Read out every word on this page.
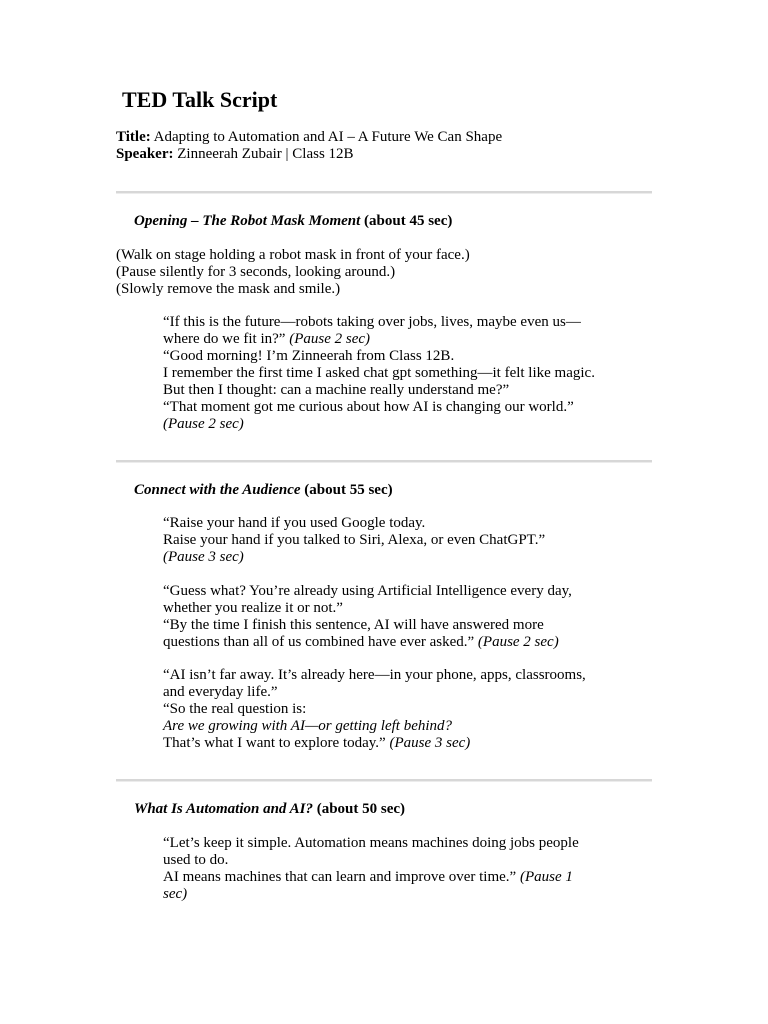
TED Talk Script
Title: Adapting to Automation and AI – A Future We Can Shape
Speaker: Zinneerah Zubair | Class 12B
Opening – The Robot Mask Moment (about 45 sec)
(Walk on stage holding a robot mask in front of your face.)
(Pause silently for 3 seconds, looking around.)
(Slowly remove the mask and smile.)
“If this is the future—robots taking over jobs, lives, maybe even us—
where do we fit in?” (Pause 2 sec)
“Good morning! I’m Zinneerah from Class 12B.
I remember the first time I asked chat gpt something—it felt like magic.
But then I thought: can a machine really understand me?”
“That moment got me curious about how AI is changing our world.”
(Pause 2 sec)
Connect with the Audience (about 55 sec)
“Raise your hand if you used Google today.
Raise your hand if you talked to Siri, Alexa, or even ChatGPT.”
(Pause 3 sec)
“Guess what? You’re already using Artificial Intelligence every day,
whether you realize it or not.”
“By the time I finish this sentence, AI will have answered more
questions than all of us combined have ever asked.” (Pause 2 sec)
“AI isn’t far away. It’s already here—in your phone, apps, classrooms,
and everyday life.”
“So the real question is:
Are we growing with AI—or getting left behind?
That’s what I want to explore today.” (Pause 3 sec)
What Is Automation and AI? (about 50 sec)
“Let’s keep it simple. Automation means machines doing jobs people
used to do.
AI means machines that can learn and improve over time.” (Pause 1
sec)
